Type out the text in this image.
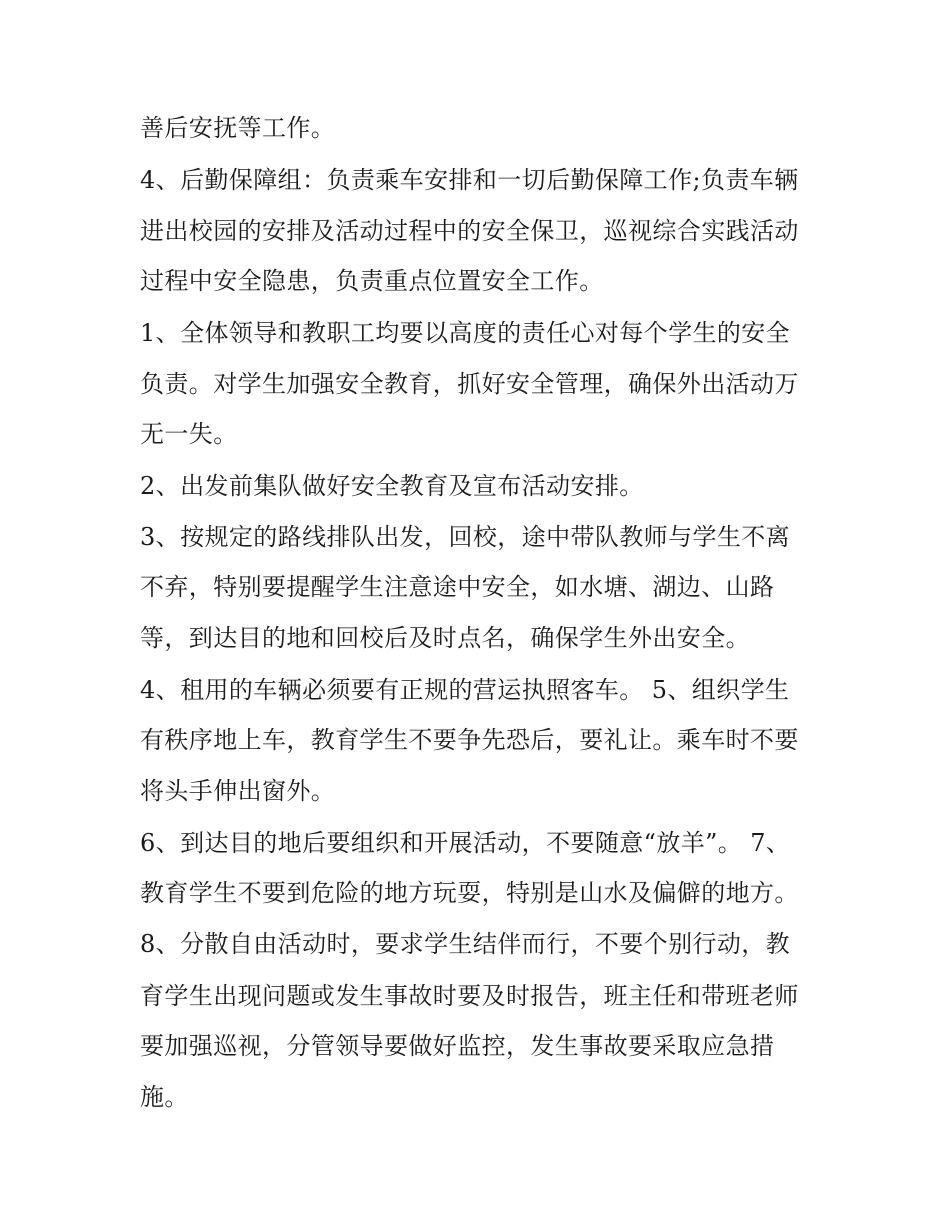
善后安抚等工作。
4、后勤保障组：负责乘车安排和一切后勤保障工作;负责车辆
进出校园的安排及活动过程中的安全保卫，巡视综合实践活动
过程中安全隐患，负责重点位置安全工作。
1、全体领导和教职工均要以高度的责任心对每个学生的安全
负责。对学生加强安全教育，抓好安全管理，确保外出活动万
无一失。
2、出发前集队做好安全教育及宣布活动安排。
3、按规定的路线排队出发，回校，途中带队教师与学生不离
不弃，特别要提醒学生注意途中安全，如水塘、湖边、山路
等，到达目的地和回校后及时点名，确保学生外出安全。
4、租用的车辆必须要有正规的营运执照客车。 5、组织学生
有秩序地上车，教育学生不要争先恐后，要礼让。乘车时不要
将头手伸出窗外。
6、到达目的地后要组织和开展活动，不要随意“放羊”。 7、
教育学生不要到危险的地方玩耍，特别是山水及偏僻的地方。
8、分散自由活动时，要求学生结伴而行，不要个别行动，教
育学生出现问题或发生事故时要及时报告，班主任和带班老师
要加强巡视，分管领导要做好监控，发生事故要采取应急措
施。
